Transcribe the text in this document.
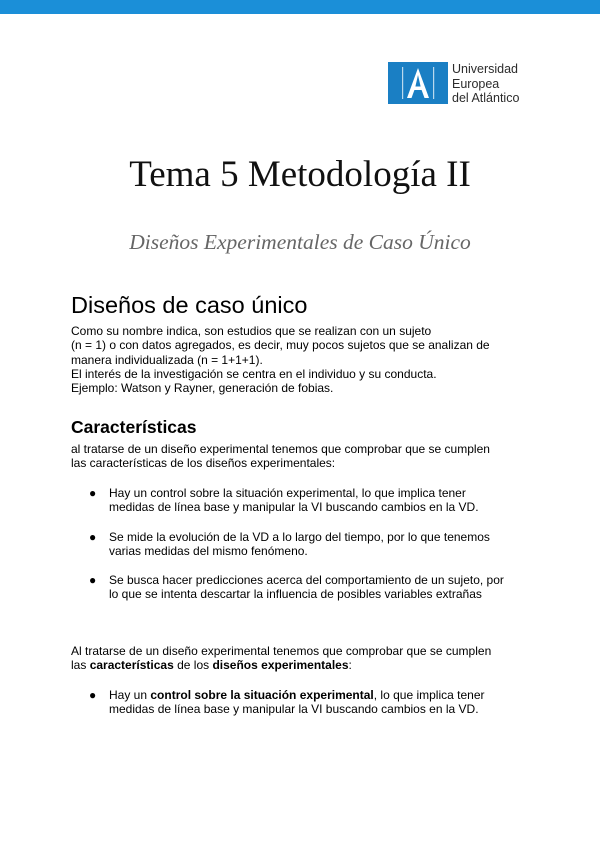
Universidad
Europea
del Atlántico
Tema 5 Metodología II
Diseños Experimentales de Caso Único
Diseños de caso único
Como su nombre indica, son estudios que se realizan con un sujeto
(n = 1) o con datos agregados, es decir, muy pocos sujetos que se analizan de
manera individualizada (n = 1+1+1).
El interés de la investigación se centra en el individuo y su conducta.
Ejemplo: Watson y Rayner, generación de fobias.
Características
al tratarse de un diseño experimental tenemos que comprobar que se cumplen
las características de los diseños experimentales:
● Hay un control sobre la situación experimental, lo que implica tener
medidas de línea base y manipular la VI buscando cambios en la VD.
● Se mide la evolución de la VD a lo largo del tiempo, por lo que tenemos
varias medidas del mismo fenómeno.
● Se busca hacer predicciones acerca del comportamiento de un sujeto, por
lo que se intenta descartar la influencia de posibles variables extrañas
Al tratarse de un diseño experimental tenemos que comprobar que se cumplen
las características de los diseños experimentales:
● Hay un control sobre la situación experimental, lo que implica tener
medidas de línea base y manipular la VI buscando cambios en la VD.
